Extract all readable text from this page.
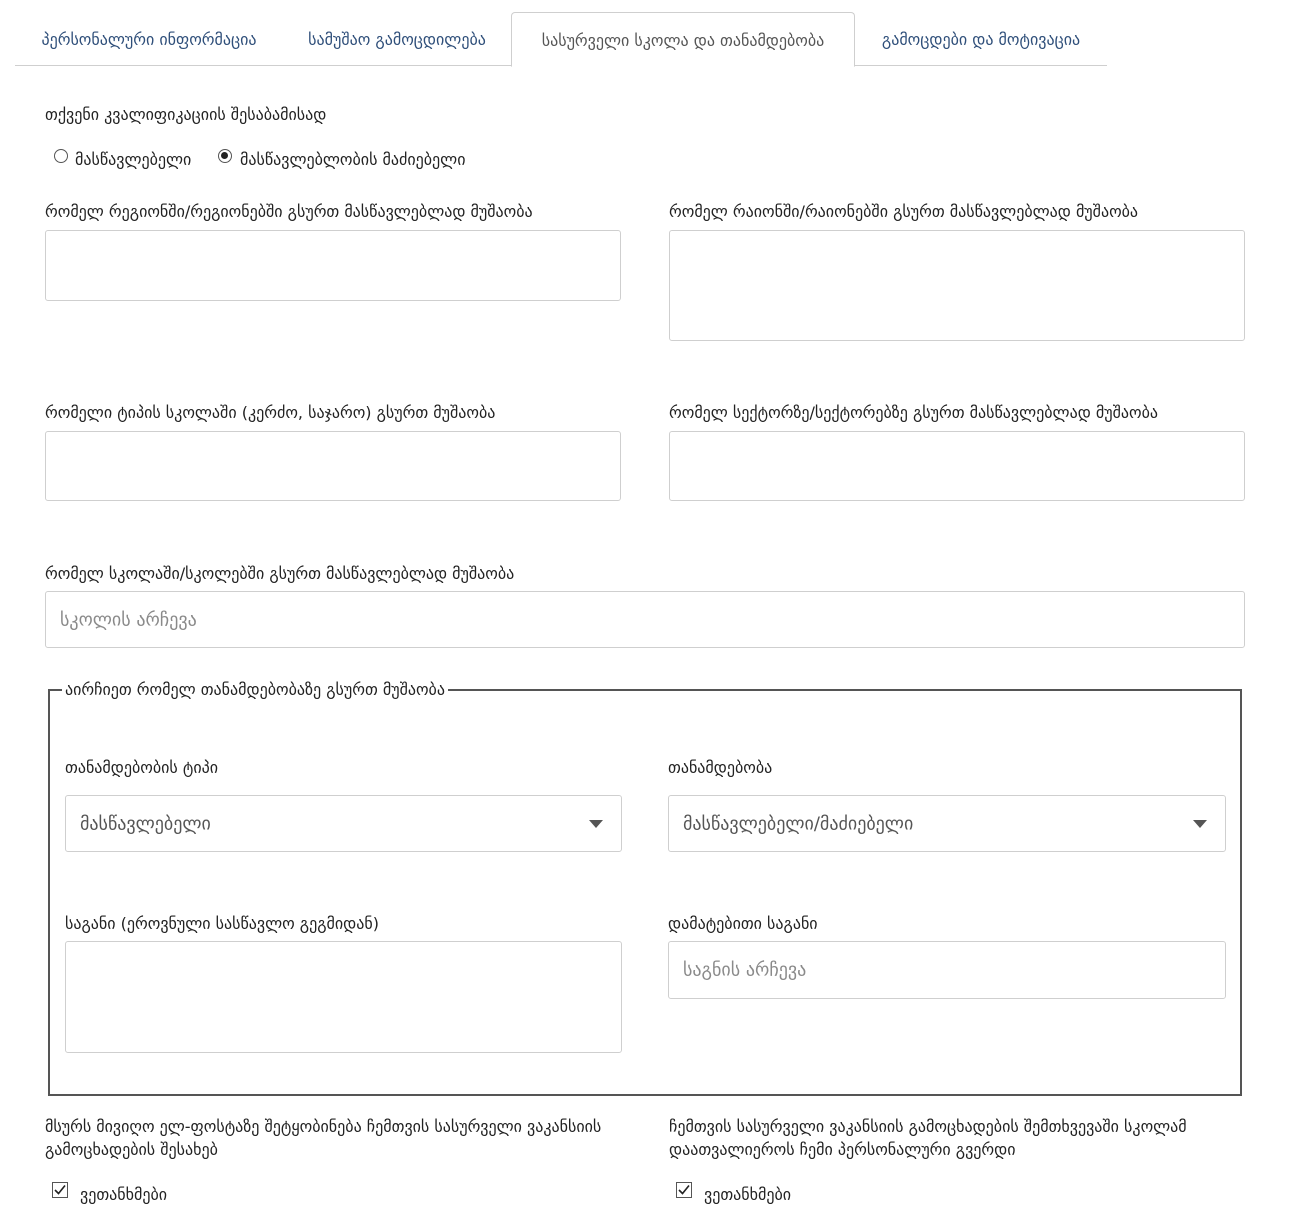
პერსონალური ინფორმაცია	სამუშაო გამოცდილება	სასურველი სკოლა და თანამდებობა	გამოცდები და მოტივაცია
თქვენი კვალიფიკაციის შესაბამისად
მასწავლებელი	მასწავლებლობის მაძიებელი
რომელ რეგიონში/რეგიონებში გსურთ მასწავლებლად მუშაობა	რომელ რაიონში/რაიონებში გსურთ მასწავლებლად მუშაობა
რომელი ტიპის სკოლაში (კერძო, საჯარო) გსურთ მუშაობა	რომელ სექტორზე/სექტორებზე გსურთ მასწავლებლად მუშაობა
რომელ სკოლაში/სკოლებში გსურთ მასწავლებლად მუშაობა
სკოლის არჩევა
აირჩიეთ რომელ თანამდებობაზე გსურთ მუშაობა
თანამდებობის ტიპი
მასწავლებელი
თანამდებობა
მასწავლებელი/მაძიებელი
საგანი (ეროვნული სასწავლო გეგმიდან)	დამატებითი საგანი
საგნის არჩევა
მსურს მივიღო ელ-ფოსტაზე შეტყობინება ჩემთვის სასურველი ვაკანსიის გამოცხადების შესახებ
ვეთანხმები
ჩემთვის სასურველი ვაკანსიის გამოცხადების შემთხვევაში სკოლამ დაათვალიეროს ჩემი პერსონალური გვერდი
ვეთანხმები
